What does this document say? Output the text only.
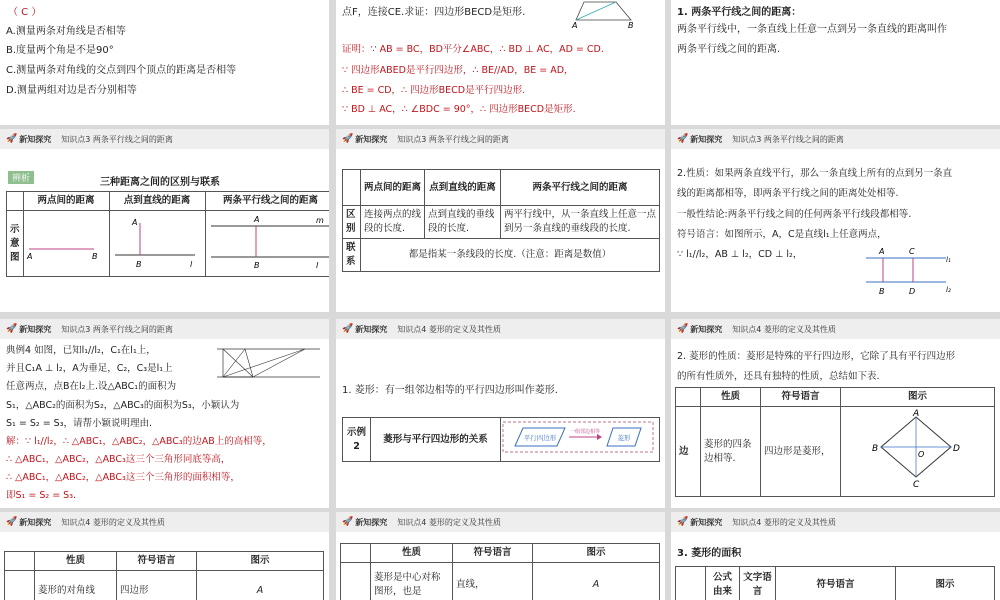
（ C ）
A.测量两条对角线是否相等
B.度量两个角是不是90°
C.测量两条对角线的交点到四个顶点的距离是否相等
D.测量两组对边是否分别相等
点F，连接CE.求证：四边形BECD是矩形.
A	B
证明：∵ AB = BC，BD平分∠ABC，∴ BD ⊥ AC，AD = CD.
∵ 四边形ABED是平行四边形，∴ BE//AD，BE = AD，
∴ BE = CD，∴ 四边形BECD是平行四边形.
∵ BD ⊥ AC，∴ ∠BDC = 90°，∴ 四边形BECD是矩形.
1. 两条平行线之间的距离：
两条平行线中，一条直线上任意一点到另一条直线的距离叫作
两条平行线之间的距离.
🚀 新知探究 知识点3 两条平行线之间的距离
辨析	三种距离之间的区别与联系
	两点间的距离	点到直线的距离	两条平行线之间的距离
示意图	A B	A
B l	A
B
m
l
🚀 新知探究 知识点3 两条平行线之间的距离
	两点间的距离	点到直线的距离	两条平行线之间的距离
区别	连接两点的线段的长度.	点到直线的垂线段的长度.	两平行线中，从一条直线上任意一点到另一条直线的垂线段的长度.
联系	都是指某一条线段的长度.（注意：距离是数值）		
🚀 新知探究 知识点3 两条平行线之间的距离
2.性质：如果两条直线平行，那么一条直线上所有的点到另一条直
线的距离都相等，即两条平行线之间的距离处处相等.
一般性结论:两条平行线之间的任何两条平行线段都相等.
符号语言：如图所示，A，C是直线l₁上任意两点，
∵ l₁//l₂，AB ⊥ l₂，CD ⊥ l₂，	A	C
B	D
l₁
l₂
🚀 新知探究 知识点3 两条平行线之间的距离
典例4 如图，已知l₁//l₂，C₁在l₁上，
并且C₁A ⊥ l₂，A为垂足，C₂，C₃是l₁上
任意两点，点B在l₂上.设△ABC₁的面积为
S₁，△ABC₂的面积为S₂，△ABC₃的面积为S₃，小颖认为
S₁ = S₂ = S₃，请帮小颖说明理由.
解：∵ l₁//l₂，∴ △ABC₁，△ABC₂，△ABC₃的边AB上的高相等，
∴ △ABC₁，△ABC₂，△ABC₃这三个三角形同底等高，
∴ △ABC₁，△ABC₂，△ABC₃这三个三角形的面积相等，
即S₁ = S₂ = S₃.
🚀 新知探究 知识点4 菱形的定义及其性质
1. 菱形：有一组邻边相等的平行四边形叫作菱形.
示例2	菱形与平行四边形的关系	平行四边形
一组邻边相等
菱形
🚀 新知探究 知识点4 菱形的定义及其性质
2. 菱形的性质：菱形是特殊的平行四边形，它除了具有平行四边形
的所有性质外，还具有独特的性质，总结如下表.
	性质	符号语言	图示
边	菱形的四条边相等.	四边形是菱形，	A
B D
C
O
🚀 新知探究 知识点4 菱形的定义及其性质
	性质	符号语言	图示
	菱形的对角线	四边形	A
🚀 新知探究 知识点4 菱形的定义及其性质
	性质	符号语言	图示
	菱形是中心对称图形，也是	直线，	A
🚀 新知探究 知识点4 菱形的定义及其性质
3. 菱形的面积
	公式由来	文字语言	符号语言	图示
